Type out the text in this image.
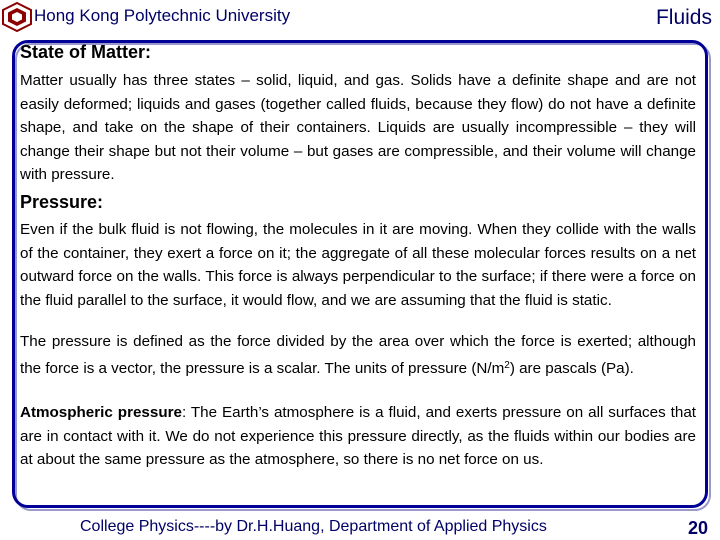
Hong Kong Polytechnic University	Fluids
State of Matter:

Matter usually has three states – solid, liquid, and gas. Solids have a definite shape and are not easily deformed; liquids and gases (together called fluids, because they flow) do not have a definite shape, and take on the shape of their containers. Liquids are usually incompressible – they will change their shape but not their volume – but gases are compressible, and their volume will change with pressure.

Pressure:

Even if the bulk fluid is not flowing, the molecules in it are moving. When they collide with the walls of the container, they exert a force on it; the aggregate of all these molecular forces results on a net outward force on the walls. This force is always perpendicular to the surface; if there were a force on the fluid parallel to the surface, it would flow, and we are assuming that the fluid is static.

The pressure is defined as the force divided by the area over which the force is exerted; although the force is a vector, the pressure is a scalar. The units of pressure $(N/m^2)$ are pascals (Pa).

Atmospheric pressure: The Earth’s atmosphere is a fluid, and exerts pressure on all surfaces that are in contact with it. We do not experience this pressure directly, as the fluids within our bodies are at about the same pressure as the atmosphere, so there is no net force on us.

College Physics----by Dr.H.Huang, Department of Applied Physics	20
